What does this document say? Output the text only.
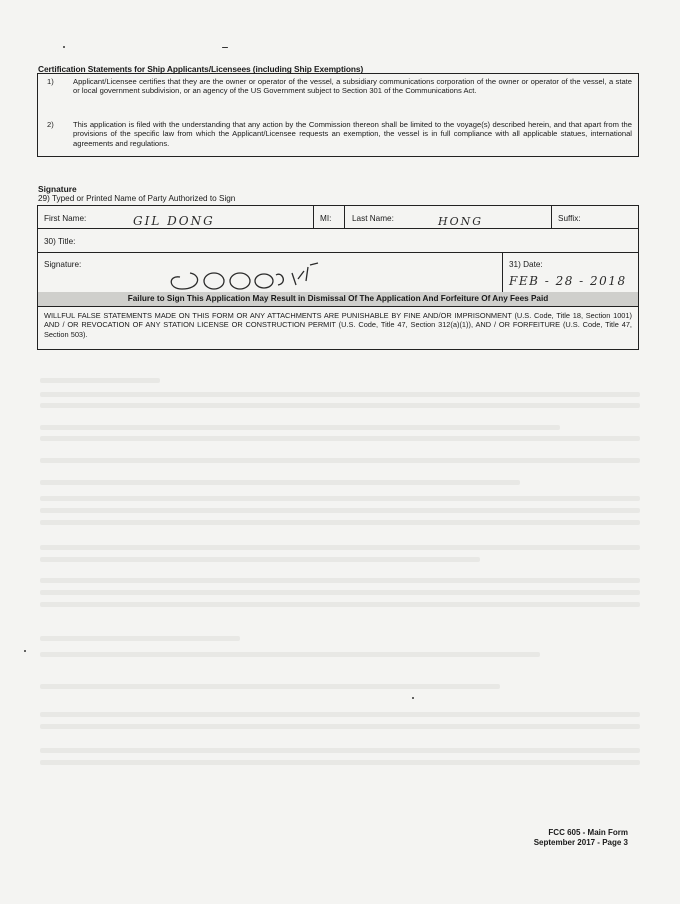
Certification Statements for Ship Applicants/Licensees (including Ship Exemptions)
1)	Applicant/Licensee certifies that they are the owner or operator of the vessel, a subsidiary communications corporation of the owner or operator of the vessel, a state or local government subdivision, or an agency of the US Government subject to Section 301 of the Communications Act.
2)	This application is filed with the understanding that any action by the Commission thereon shall be limited to the voyage(s) described herein, and that apart from the provisions of the specific law from which the Applicant/Licensee requests an exemption, the vessel is in full compliance with all applicable statues, international agreements and regulations.
Signature
29) Typed or Printed Name of Party Authorized to Sign
First Name:	GIL DONG	MI:	Last Name:	HONG	Suffix:
30) Title:
Signature:	31) Date:
FEB - 28 - 2018
Failure to Sign This Application May Result in Dismissal Of The Application And Forfeiture Of Any Fees Paid
WILLFUL FALSE STATEMENTS MADE ON THIS FORM OR ANY ATTACHMENTS ARE PUNISHABLE BY FINE AND/OR IMPRISONMENT (U.S. Code, Title 18, Section 1001) AND / OR REVOCATION OF ANY STATION LICENSE OR CONSTRUCTION PERMIT (U.S. Code, Title 47, Section 312(a)(1)), AND / OR FORFEITURE (U.S. Code, Title 47, Section 503).
FCC 605 - Main Form
September 2017 - Page 3
